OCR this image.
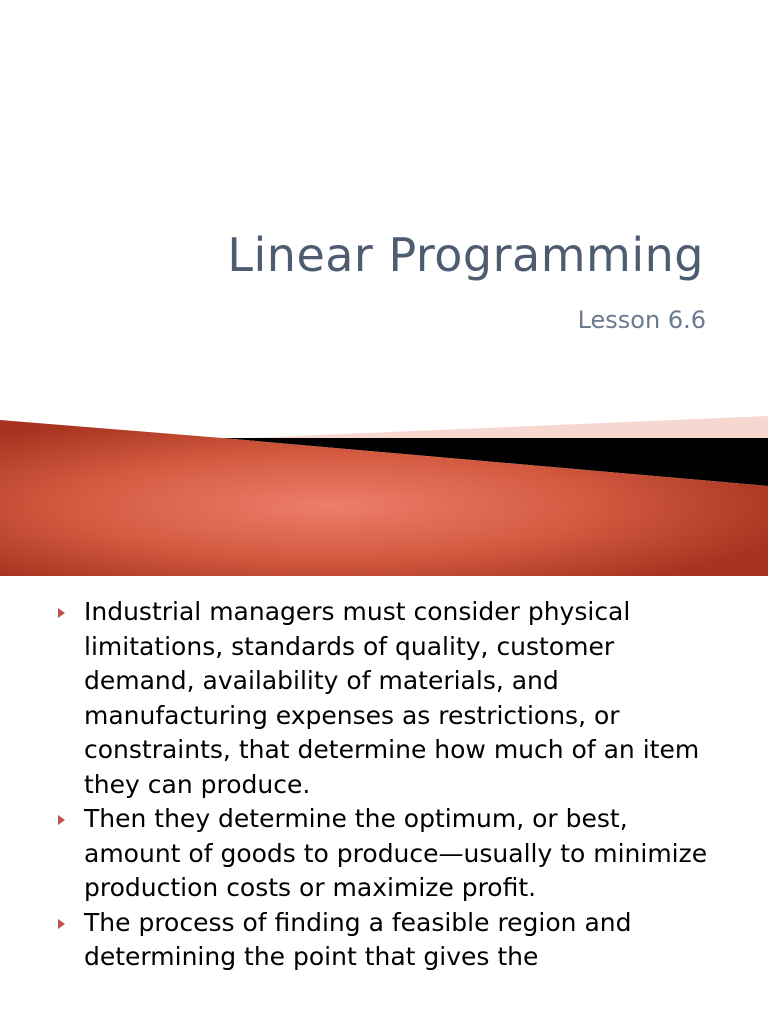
Linear Programming
Lesson 6.6
Industrial managers must consider physical limitations, standards of quality, customer demand, availability of materials, and manufacturing expenses as restrictions, or constraints, that determine how much of an item they can produce.
Then they determine the optimum, or best, amount of goods to produce—usually to minimize production costs or maximize profit.
The process of finding a feasible region and determining the point that gives the
